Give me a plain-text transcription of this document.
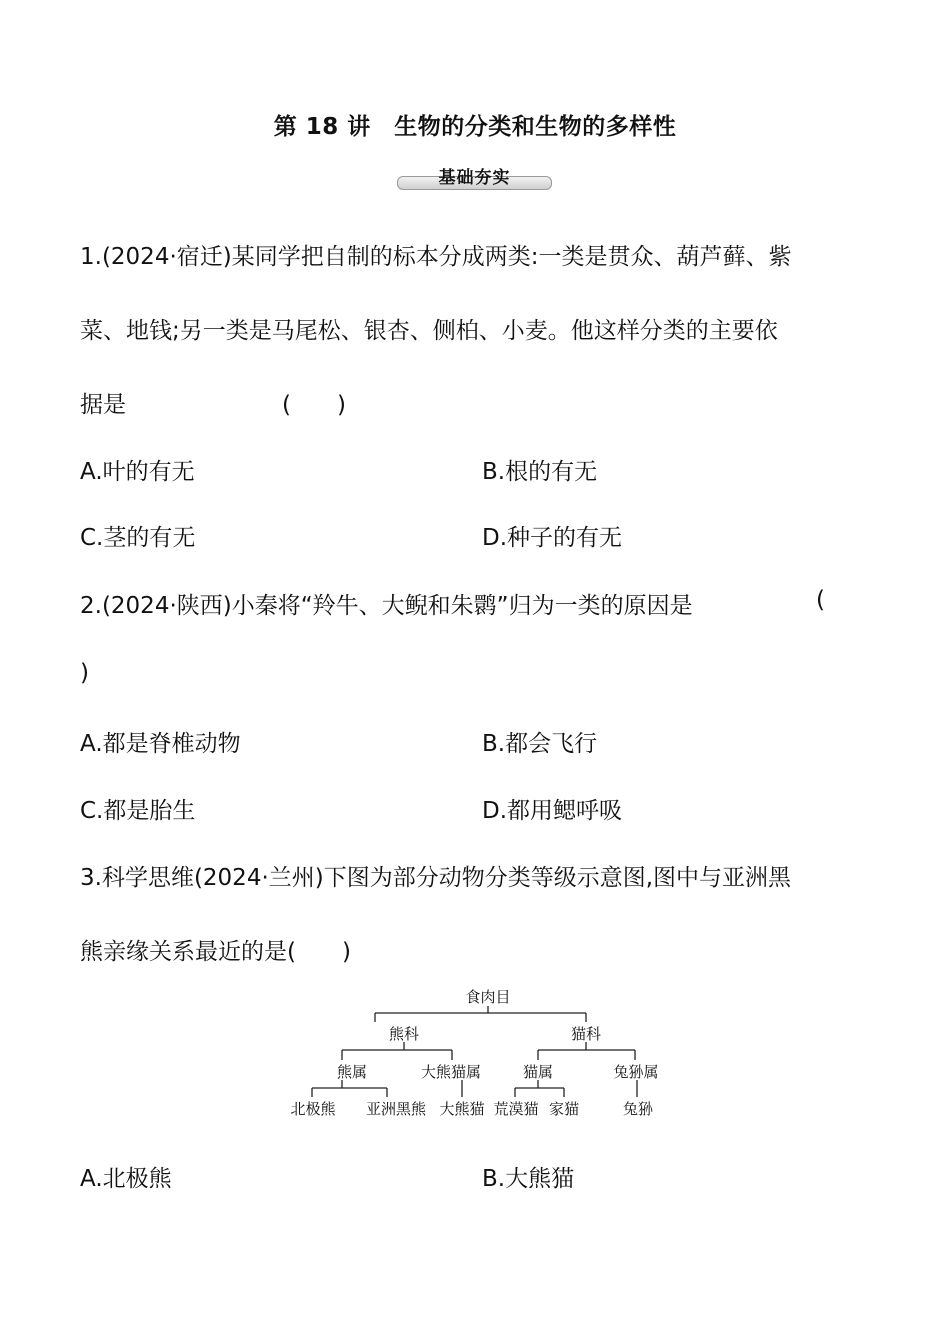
第 18 讲　生物的分类和生物的多样性
基础夯实
1.(2024·宿迁)某同学把自制的标本分成两类:一类是贯众、葫芦藓、紫
菜、地钱;另一类是马尾松、银杏、侧柏、小麦。他这样分类的主要依
据是	(　　)
A.叶的有无	B.根的有无
C.茎的有无	D.种子的有无
2.(2024·陕西)小秦将“羚牛、大鲵和朱鹮”归为一类的原因是	(
)
A.都是脊椎动物	B.都会飞行
C.都是胎生	D.都用鳃呼吸
3.科学思维(2024·兰州)下图为部分动物分类等级示意图,图中与亚洲黑
熊亲缘关系最近的是(　　)
食肉目
熊科	猫科
熊属	大熊猫属	猫属	兔狲属
北极熊 亚洲黑熊 大熊猫 荒漠猫 家猫	兔狲
A.北极熊	B.大熊猫
